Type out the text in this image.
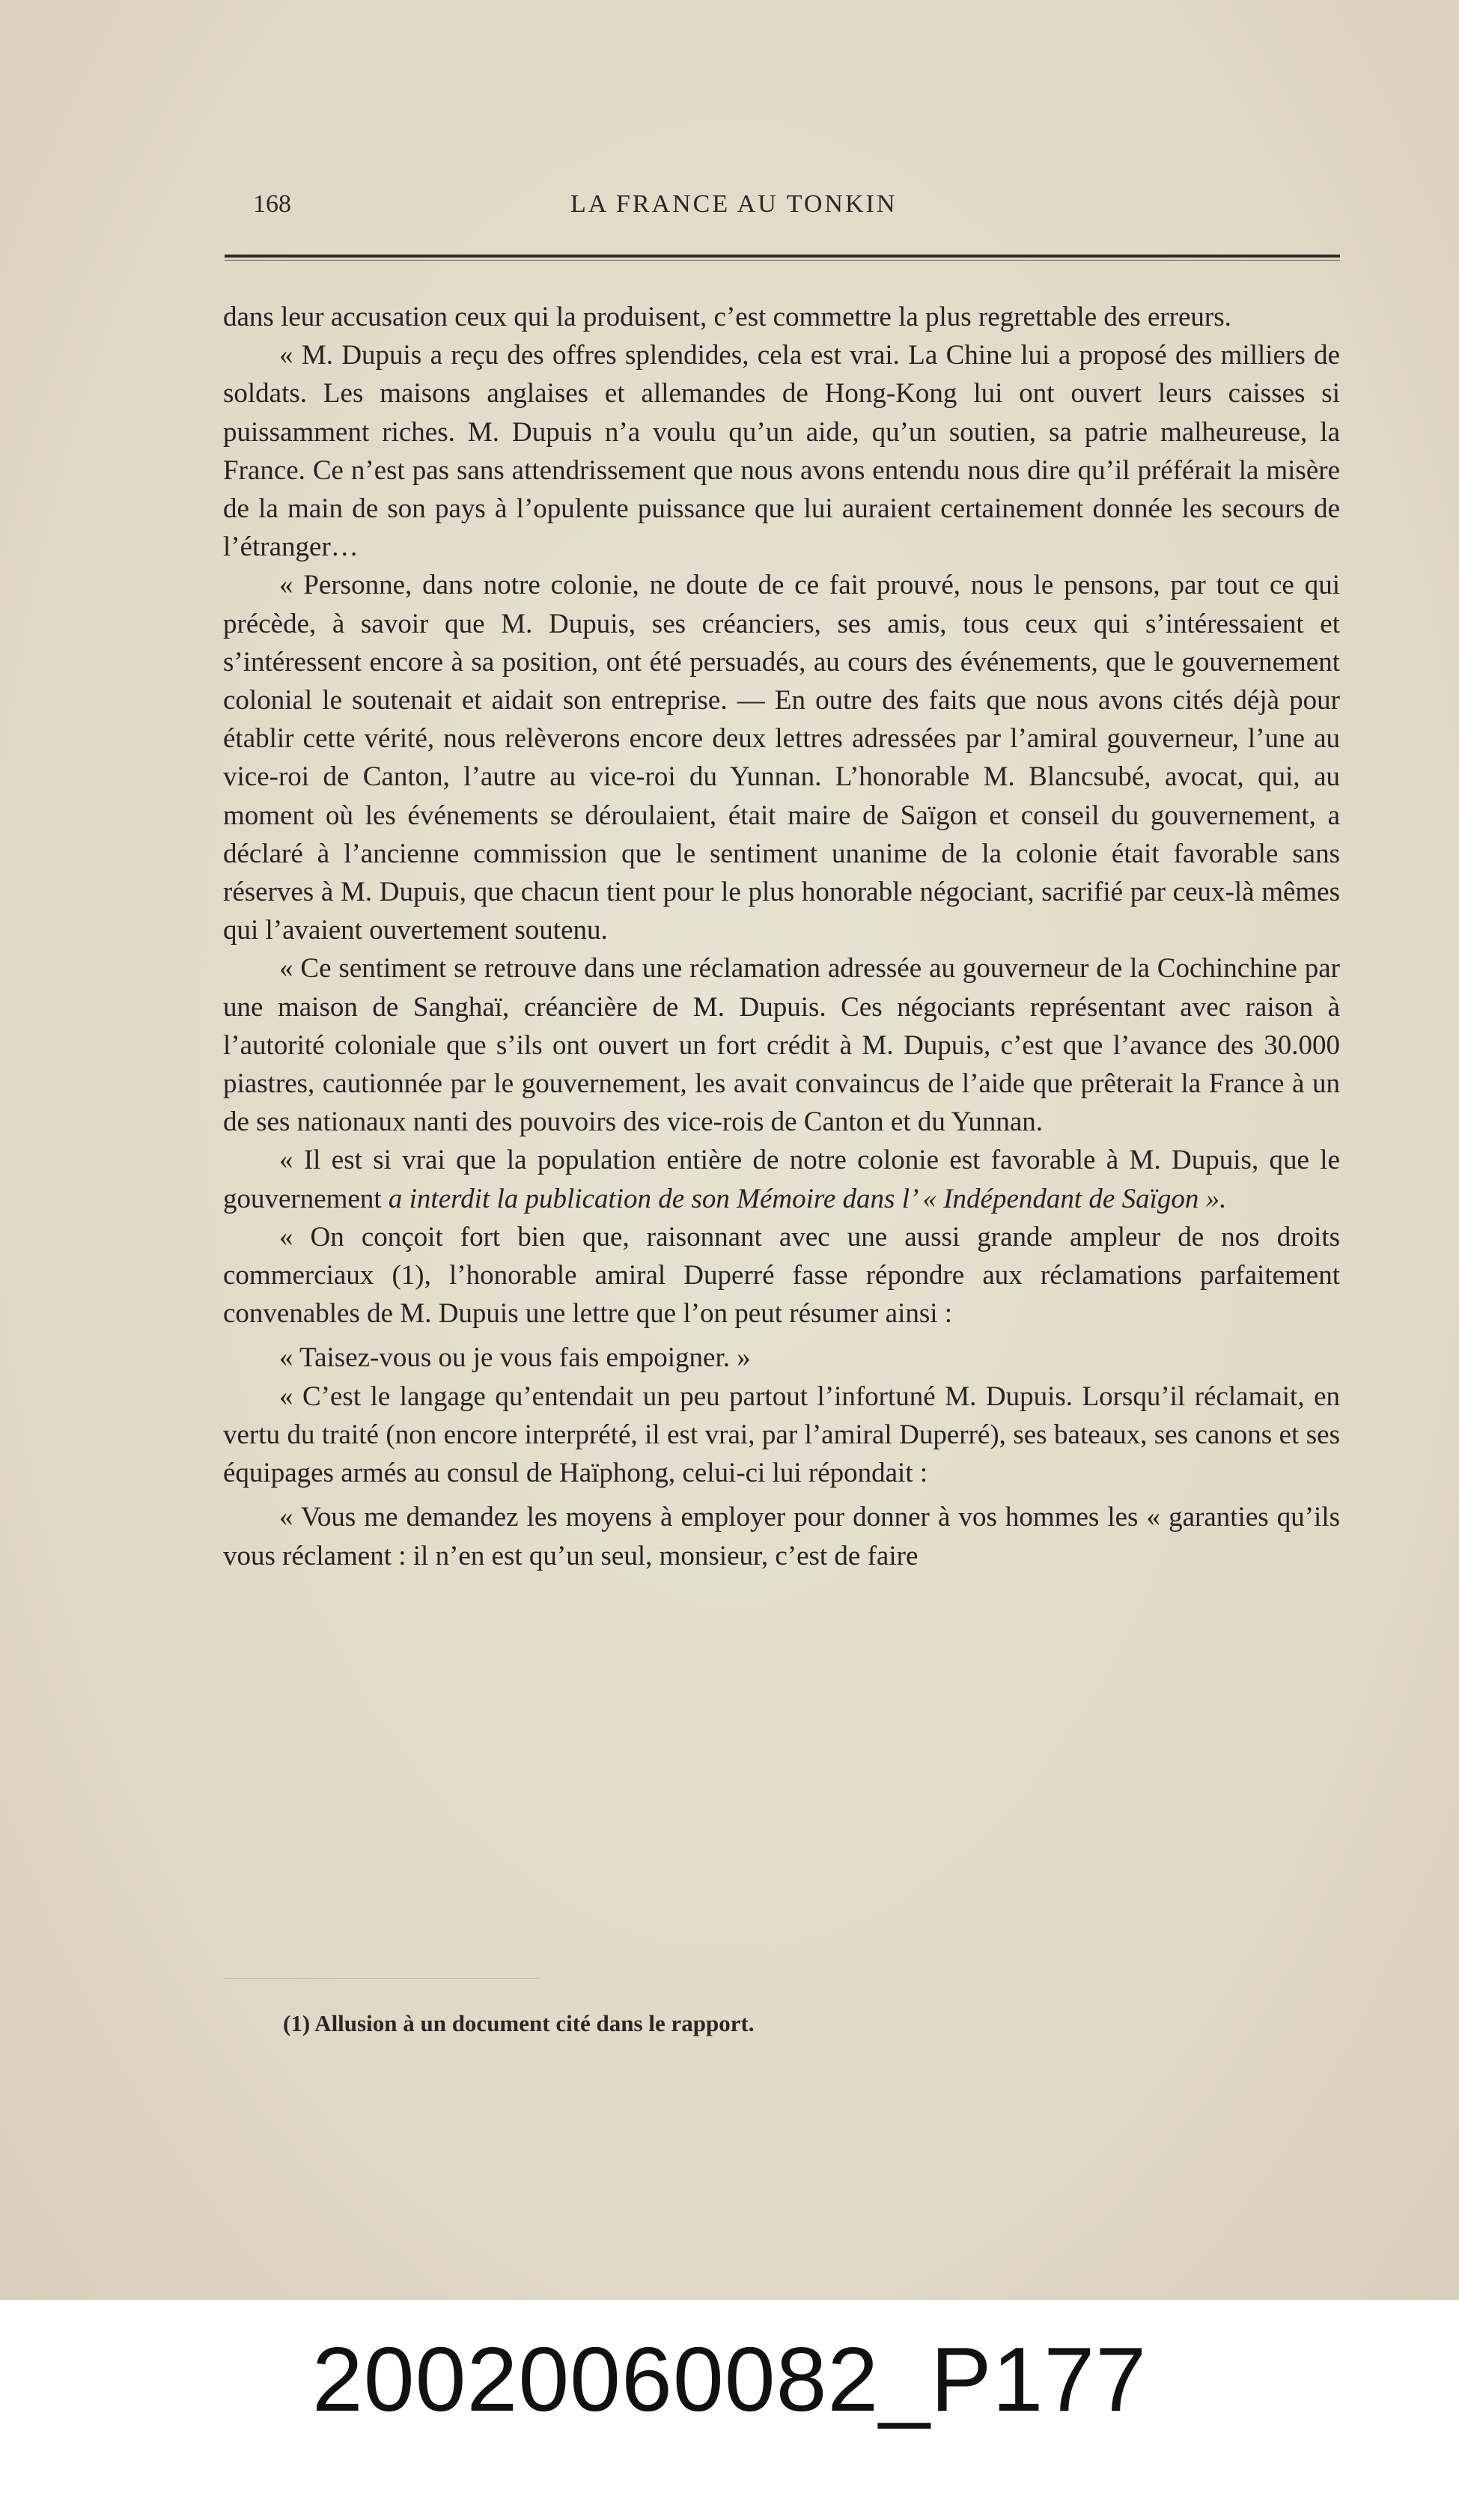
168	LA FRANCE AU TONKIN

dans leur accusation ceux qui la produisent, c’est commettre la plus regrettable des erreurs.

« M. Dupuis a reçu des offres splendides, cela est vrai. La Chine lui a proposé des milliers de soldats. Les maisons anglaises et allemandes de Hong-Kong lui ont ouvert leurs caisses si puissamment riches. M. Dupuis n’a voulu qu’un aide, qu’un soutien, sa patrie malheureuse, la France. Ce n’est pas sans attendrissement que nous avons entendu nous dire qu’il préférait la misère de la main de son pays à l’opulente puissance que lui auraient certainement donnée les secours de l’étranger…

« Personne, dans notre colonie, ne doute de ce fait prouvé, nous le pensons, par tout ce qui précède, à savoir que M. Dupuis, ses créanciers, ses amis, tous ceux qui s’intéressaient et s’intéressent encore à sa position, ont été persuadés, au cours des événements, que le gouvernement colonial le soutenait et aidait son entreprise. — En outre des faits que nous avons cités déjà pour établir cette vérité, nous relèverons encore deux lettres adressées par l’amiral gouverneur, l’une au vice-roi de Canton, l’autre au vice-roi du Yunnan. L’honorable M. Blancsubé, avocat, qui, au moment où les événements se déroulaient, était maire de Saïgon et conseil du gouvernement, a déclaré à l’ancienne commission que le sentiment unanime de la colonie était favorable sans réserves à M. Dupuis, que chacun tient pour le plus honorable négociant, sacrifié par ceux-là mêmes qui l’avaient ouvertement soutenu.

« Ce sentiment se retrouve dans une réclamation adressée au gouverneur de la Cochinchine par une maison de Sanghaï, créancière de M. Dupuis. Ces négociants représentant avec raison à l’autorité coloniale que s’ils ont ouvert un fort crédit à M. Dupuis, c’est que l’avance des 30.000 piastres, cautionnée par le gouvernement, les avait convaincus de l’aide que prêterait la France à un de ses nationaux nanti des pouvoirs des vice-rois de Canton et du Yunnan.

« Il est si vrai que la population entière de notre colonie est favorable à M. Dupuis, que le gouvernement a interdit la publication de son Mémoire dans l’ « Indépendant de Saïgon ».

« On conçoit fort bien que, raisonnant avec une aussi grande ampleur de nos droits commerciaux (1), l’honorable amiral Duperré fasse répondre aux réclamations parfaitement convenables de M. Dupuis une lettre que l’on peut résumer ainsi :

« Taisez-vous ou je vous fais empoigner. »

« C’est le langage qu’entendait un peu partout l’infortuné M. Dupuis. Lorsqu’il réclamait, en vertu du traité (non encore interprété, il est vrai, par l’amiral Duperré), ses bateaux, ses canons et ses équipages armés au consul de Haïphong, celui-ci lui répondait :

« Vous me demandez les moyens à employer pour donner à vos hommes les « garanties qu’ils vous réclament : il n’en est qu’un seul, monsieur, c’est de faire

(1) Allusion à un document cité dans le rapport.
20020060082_P177
